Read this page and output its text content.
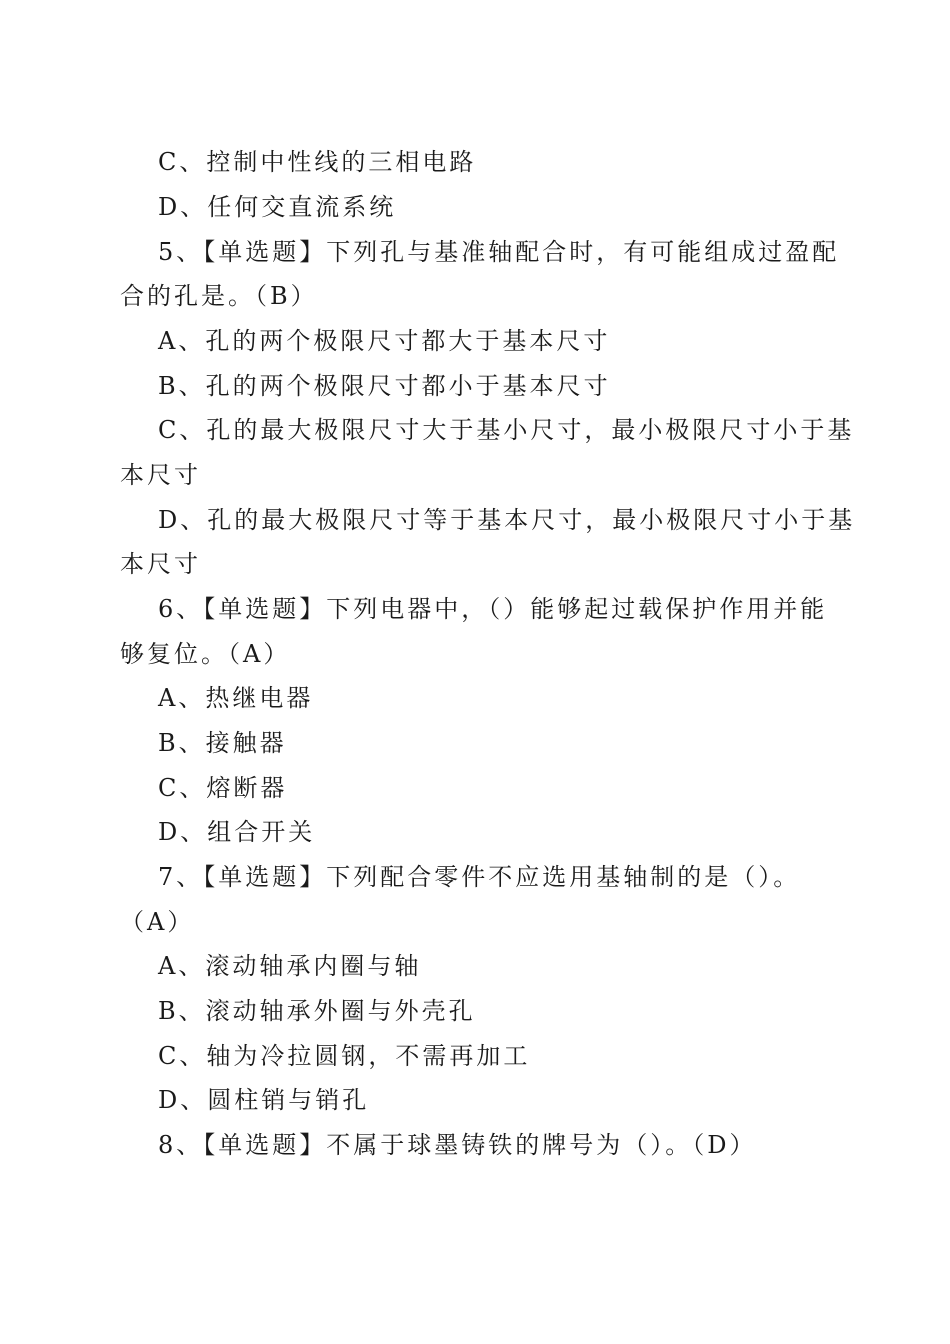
C、控制中性线的三相电路
D、任何交直流系统
5、【单选题】下列孔与基准轴配合时，有可能组成过盈配
合的孔是。（B）
A、孔的两个极限尺寸都大于基本尺寸
B、孔的两个极限尺寸都小于基本尺寸
C、孔的最大极限尺寸大于基小尺寸，最小极限尺寸小于基
本尺寸
D、孔的最大极限尺寸等于基本尺寸，最小极限尺寸小于基
本尺寸
6、【单选题】下列电器中，（）能够起过载保护作用并能
够复位。（A）
A、热继电器
B、接触器
C、熔断器
D、组合开关
7、【单选题】下列配合零件不应选用基轴制的是（）。
（A）
A、滚动轴承内圈与轴
B、滚动轴承外圈与外壳孔
C、轴为冷拉圆钢，不需再加工
D、圆柱销与销孔
8、【单选题】不属于球墨铸铁的牌号为（）。（D）
